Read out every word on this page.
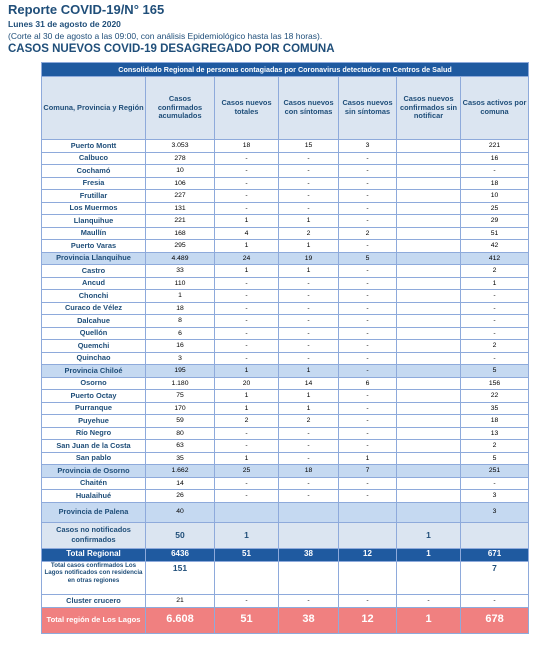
Reporte COVID-19/N° 165
Lunes 31 de agosto de 2020
(Corte al 30 de agosto a las 09:00, con análisis Epidemiológico hasta las 18 horas).
CASOS NUEVOS COVID-19 DESAGREGADO POR COMUNA
Consolidado Regional de personas contagiadas por Coronavirus detectados en Centros de Salud						
Comuna, Provincia y Región	Casos confirmados acumulados	Casos nuevos totales	Casos nuevos con síntomas	Casos nuevos sin síntomas	Casos nuevos confirmados sin notificar	Casos activos por comuna
Puerto Montt	3.053	18	15	3		221
Calbuco	278	-	-	-		16
Cochamó	10	-	-	-		-
Fresia	106	-	-	-		18
Frutillar	227	-	-	-		10
Los Muermos	131	-	-	-		25
Llanquihue	221	1	1	-		29
Maullín	168	4	2	2		51
Puerto Varas	295	1	1	-		42
Provincia Llanquihue	4.489	24	19	5		412
Castro	33	1	1	-		2
Ancud	110	-	-	-		1
Chonchi	1	-	-	-		-
Curaco de Vélez	18	-	-	-		-
Dalcahue	8	-	-	-		-
Quellón	6	-	-	-		-
Quemchi	16	-	-	-		2
Quinchao	3	-	-	-		-
Provincia Chiloé	195	1	1	-		5
Osorno	1.180	20	14	6		156
Puerto Octay	75	1	1	-		22
Purranque	170	1	1	-		35
Puyehue	59	2	2	-		18
Río Negro	80	-	-	-		13
San Juan de la Costa	63	-	-	-		2
San pablo	35	1	-	1		5
Provincia de Osorno	1.662	25	18	7		251
Chaitén	14	-	-	-		-
Hualaihué	26	-	-	-		3
Provincia de Palena	40					3
Casos no notificados confirmados	50	1			1	
Total Regional	6436	51	38	12	1	671
Total casos confirmados Los Lagos notificados con residencia en otras regiones	151					7
Cluster crucero	21	-	-	-	-	-
Total región de Los Lagos	6.608	51	38	12	1	678
